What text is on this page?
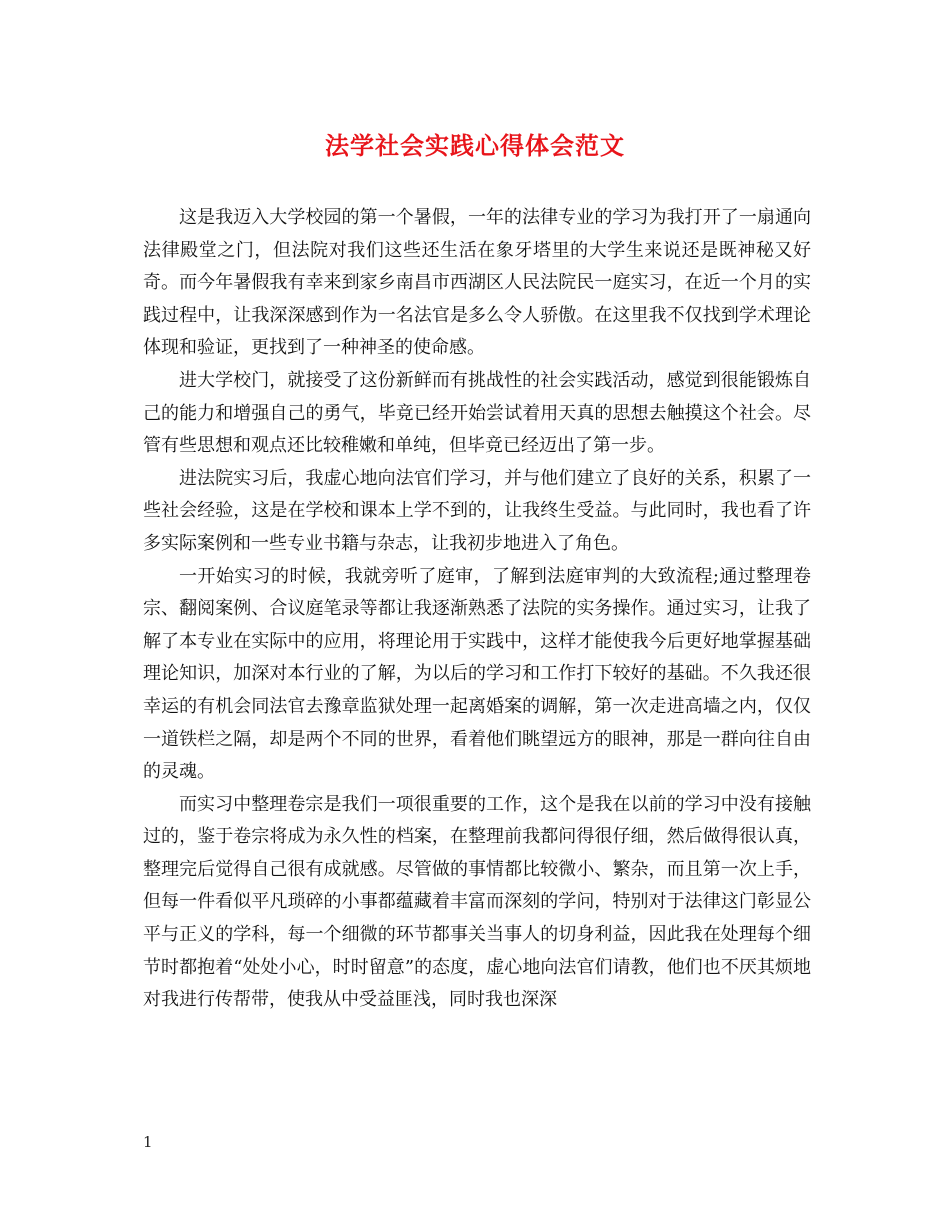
法学社会实践心得体会范文

这是我迈入大学校园的第一个暑假，一年的法律专业的学习为我打开了一扇通向法律殿堂之门，但法院对我们这些还生活在象牙塔里的大学生来说还是既神秘又好奇。而今年暑假我有幸来到家乡南昌市西湖区人民法院民一庭实习，在近一个月的实践过程中，让我深深感到作为一名法官是多么令人骄傲。在这里我不仅找到学术理论体现和验证，更找到了一种神圣的使命感。

进大学校门，就接受了这份新鲜而有挑战性的社会实践活动，感觉到很能锻炼自己的能力和增强自己的勇气，毕竟已经开始尝试着用天真的思想去触摸这个社会。尽管有些思想和观点还比较稚嫩和单纯，但毕竟已经迈出了第一步。

进法院实习后，我虚心地向法官们学习，并与他们建立了良好的关系，积累了一些社会经验，这是在学校和课本上学不到的，让我终生受益。与此同时，我也看了许多实际案例和一些专业书籍与杂志，让我初步地进入了角色。

一开始实习的时候，我就旁听了庭审，了解到法庭审判的大致流程;通过整理卷宗、翻阅案例、合议庭笔录等都让我逐渐熟悉了法院的实务操作。通过实习，让我了解了本专业在实际中的应用，将理论用于实践中，这样才能使我今后更好地掌握基础理论知识，加深对本行业的了解，为以后的学习和工作打下较好的基础。不久我还很幸运的有机会同法官去豫章监狱处理一起离婚案的调解，第一次走进高墙之内，仅仅一道铁栏之隔，却是两个不同的世界，看着他们眺望远方的眼神，那是一群向往自由的灵魂。

而实习中整理卷宗是我们一项很重要的工作，这个是我在以前的学习中没有接触过的，鉴于卷宗将成为永久性的档案，在整理前我都问得很仔细，然后做得很认真，整理完后觉得自己很有成就感。尽管做的事情都比较微小、繁杂，而且第一次上手，但每一件看似平凡琐碎的小事都蕴藏着丰富而深刻的学问，特别对于法律这门彰显公平与正义的学科，每一个细微的环节都事关当事人的切身利益，因此我在处理每个细节时都抱着“处处小心，时时留意”的态度，虚心地向法官们请教，他们也不厌其烦地对我进行传帮带，使我从中受益匪浅，同时我也深深

1
